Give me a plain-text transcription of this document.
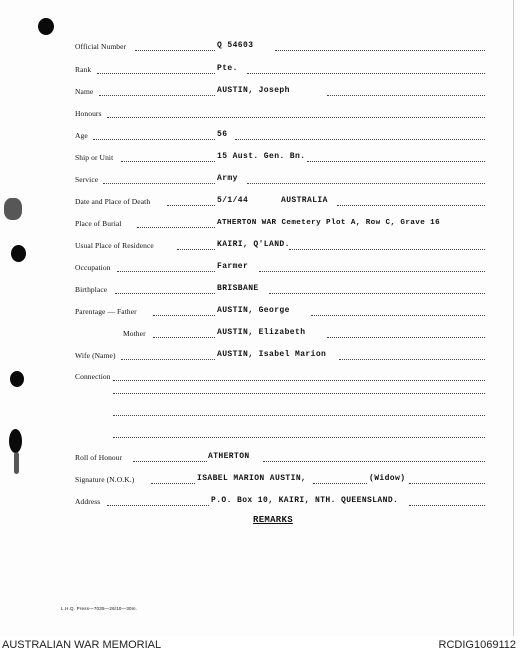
Official Number	Q 54603
Rank	Pte.
Name	AUSTIN, Joseph
Honours
Age	56
Ship or Unit	15 Aust. Gen. Bn.
Service	Army
Date and Place of Death	5/1/44	AUSTRALIA
Place of Burial	ATHERTON WAR Cemetery Plot A, Row C, Grave 16
Usual Place of Residence	KAIRI, Q'LAND.
Occupation	Farmer
Birthplace	BRISBANE
Parentage — Father	AUSTIN, George
Mother	AUSTIN, Elizabeth
Wife (Name)	AUSTIN, Isabel Marion
Connection
Roll of Honour	ATHERTON
Signature (N.O.K.)	ISABEL MARION AUSTIN,	(Widow)
Address	P.O. Box 10, KAIRI, NTH. QUEENSLAND.
REMARKS
L.H.Q. Press—7035—26/10—30m.
AUSTRALIAN WAR MEMORIAL	RCDIG1069112
